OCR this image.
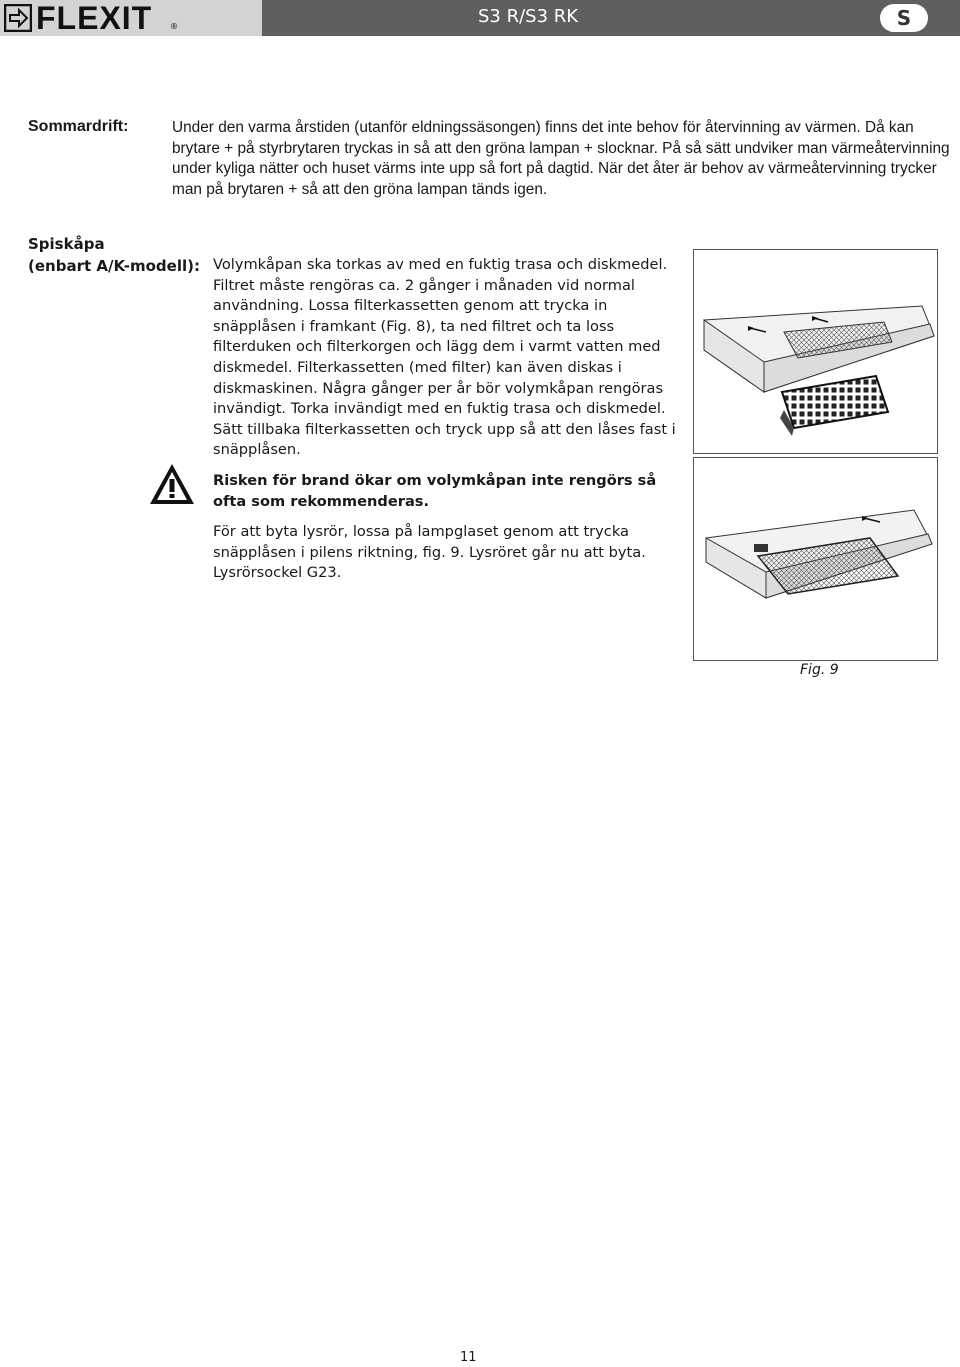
FLEXIT ®	S3 R/S3 RK	S
Sommardrift:	Under den varma årstiden (utanför eldningssäsongen) finns det inte behov för återvinning av värmen. Då kan brytare + på styrbrytaren tryckas in så att den gröna lampan + slocknar. På så sätt undviker man värmeåtervinning under kyliga nätter och huset värms inte upp så fort på dagtid. När det åter är behov av värmeåtervinning trycker man på brytaren + så att den gröna lampan tänds igen.
Spiskåpa
(enbart A/K-modell): Volymkåpan ska torkas av med en fuktig trasa och diskmedel. Filtret måste rengöras ca. 2 gånger i månaden vid normal användning. Lossa filterkassetten genom att trycka in snäpplåsen i framkant (Fig. 8), ta ned filtret och ta loss filterduken och filterkorgen och lägg dem i varmt vatten med diskmedel. Filterkassetten (med filter) kan även diskas i diskmaskinen. Några gånger per år bör volymkåpan rengöras invändigt. Torka invändigt med en fuktig trasa och diskmedel. Sätt tillbaka filterkassetten och tryck upp så att den låses fast i snäpplåsen.

Risken för brand ökar om volymkåpan inte rengörs så ofta som rekommenderas.

För att byta lysrör, lossa på lampglaset genom att trycka snäpplåsen i pilens riktning, fig. 9. Lysröret går nu att byta. Lysrörsockel G23.

Fig. 9
11
